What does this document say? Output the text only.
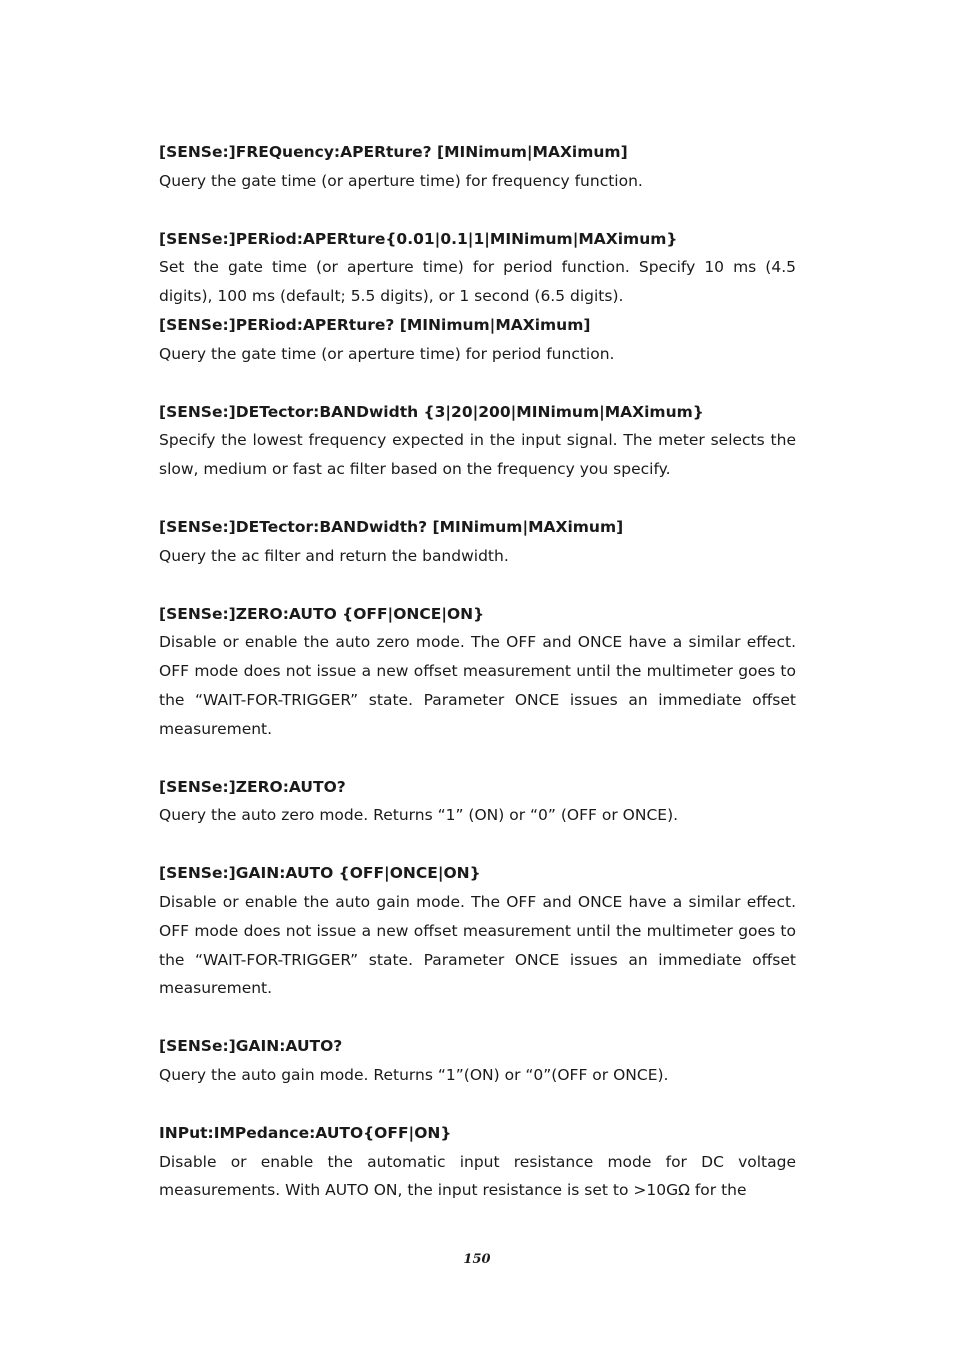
[SENSe:]FREQuency:APERture? [MINimum|MAXimum]

Query the gate time (or aperture time) for frequency function.

[SENSe:]PERiod:APERture{0.01|0.1|1|MINimum|MAXimum}

Set the gate time (or aperture time) for period function. Specify 10 ms (4.5 digits), 100 ms (default; 5.5 digits), or 1 second (6.5 digits).

[SENSe:]PERiod:APERture? [MINimum|MAXimum]

Query the gate time (or aperture time) for period function.

[SENSe:]DETector:BANDwidth {3|20|200|MINimum|MAXimum}

Specify the lowest frequency expected in the input signal. The meter selects the slow, medium or fast ac filter based on the frequency you specify.

[SENSe:]DETector:BANDwidth? [MINimum|MAXimum]

Query the ac filter and return the bandwidth.

[SENSe:]ZERO:AUTO {OFF|ONCE|ON}

Disable or enable the auto zero mode. The OFF and ONCE have a similar effect. OFF mode does not issue a new offset measurement until the multimeter goes to the “WAIT-FOR-TRIGGER” state. Parameter ONCE issues an immediate offset measurement.

[SENSe:]ZERO:AUTO?

Query the auto zero mode. Returns “1” (ON) or “0” (OFF or ONCE).

[SENSe:]GAIN:AUTO {OFF|ONCE|ON}

Disable or enable the auto gain mode. The OFF and ONCE have a similar effect. OFF mode does not issue a new offset measurement until the multimeter goes to the “WAIT-FOR-TRIGGER” state. Parameter ONCE issues an immediate offset measurement.

[SENSe:]GAIN:AUTO?

Query the auto gain mode. Returns “1”(ON) or “0”(OFF or ONCE).

INPut:IMPedance:AUTO{OFF|ON}

Disable or enable the automatic input resistance mode for DC voltage measurements. With AUTO ON, the input resistance is set to >10GΩ for the

150
